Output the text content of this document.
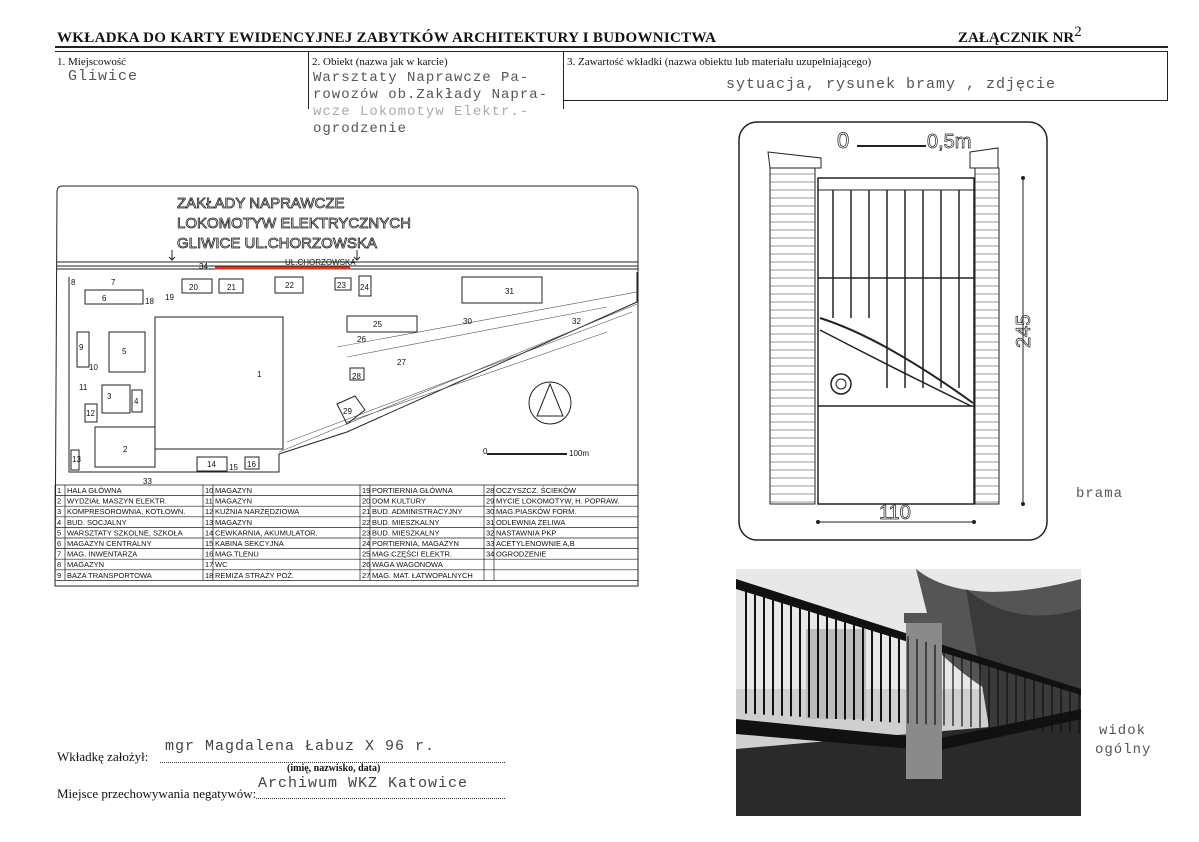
WKŁADKA DO KARTY EWIDENCYJNEJ ZABYTKÓW ARCHITEKTURY I BUDOWNICTWA	ZAŁĄCZNIK $NR^2$
1. Miejscowość
Gliwice
2. Obiekt (nazwa jak w karcie)
Warsztaty Naprawcze Pa-
rowozów ob.Zakłady Napra-
wcze Lokomotyw Elektr.-
ogrodzenie
3. Zawartość wkładki (nazwa obiektu lub materiału uzupełniającego)
sytuacja, rysunek bramy , zdjęcie
ZAKŁADY NAPRAWCZE
LOKOMOTYW ELEKTRYCZNYCH
GLIWICE UL.CHORZOWSKA
UL.CHORZOWSKA
34
1
2
3
4
5
6
7
8
9
10
11
12
13
14 15 16
18 19
20	21	22	23 24
25
26
27
28
29
30
31
32
33
0	100m
1 HALA GŁÓWNA	10 MAGAZYN	19 PORTIERNIA GŁÓWNA	28 OCZYSZCZ. ŚCIEKÓW
2 WYDZIAŁ MASZYN ELEKTR.	11 MAGAZYN	20 DOM KULTURY	29 MYCIE LOKOMOTYW, H. POPRAW.
3 KOMPRESOROWNIA, KOTŁOWN.	12 KUŹNIA NARZĘDZIOWA	21 BUD. ADMINISTRACYJNY	30 MAG.PIASKÓW FORM.
4 BUD. SOCJALNY	13 MAGAZYN	22 BUD. MIESZKALNY	31 ODLEWNIA ŻELIWA
5 WARSZTATY SZKOLNE, SZKOŁA	14 CEWKARNIA, AKUMULATOR.	23 BUD. MIESZKALNY	32 NASTAWNIA PKP
6 MAGAZYN CENTRALNY	15 KABINA SEKCYJNA	24 PORTIERNIA, MAGAZYN	33 ACETYLENOWNIE A,B
7 MAG. INWENTARZA	16 MAG.TLENU	25 MAG.CZĘŚCI ELEKTR.	34 OGRODZENIE
8 MAGAZYN	17 WC	26 WAGA WAGONOWA
9 BAZA TRANSPORTOWA	18 REMIZA STRAŻY POŻ.	27 MAG. MAT. ŁATWOPALNYCH
0	0,5m
245
110
brama
widok
ogólny
Wkładkę założył:
mgr Magdalena Łabuz X 96 r.
(imię, nazwisko, data)
Miejsce przechowywania negatywów:
Archiwum WKZ Katowice
